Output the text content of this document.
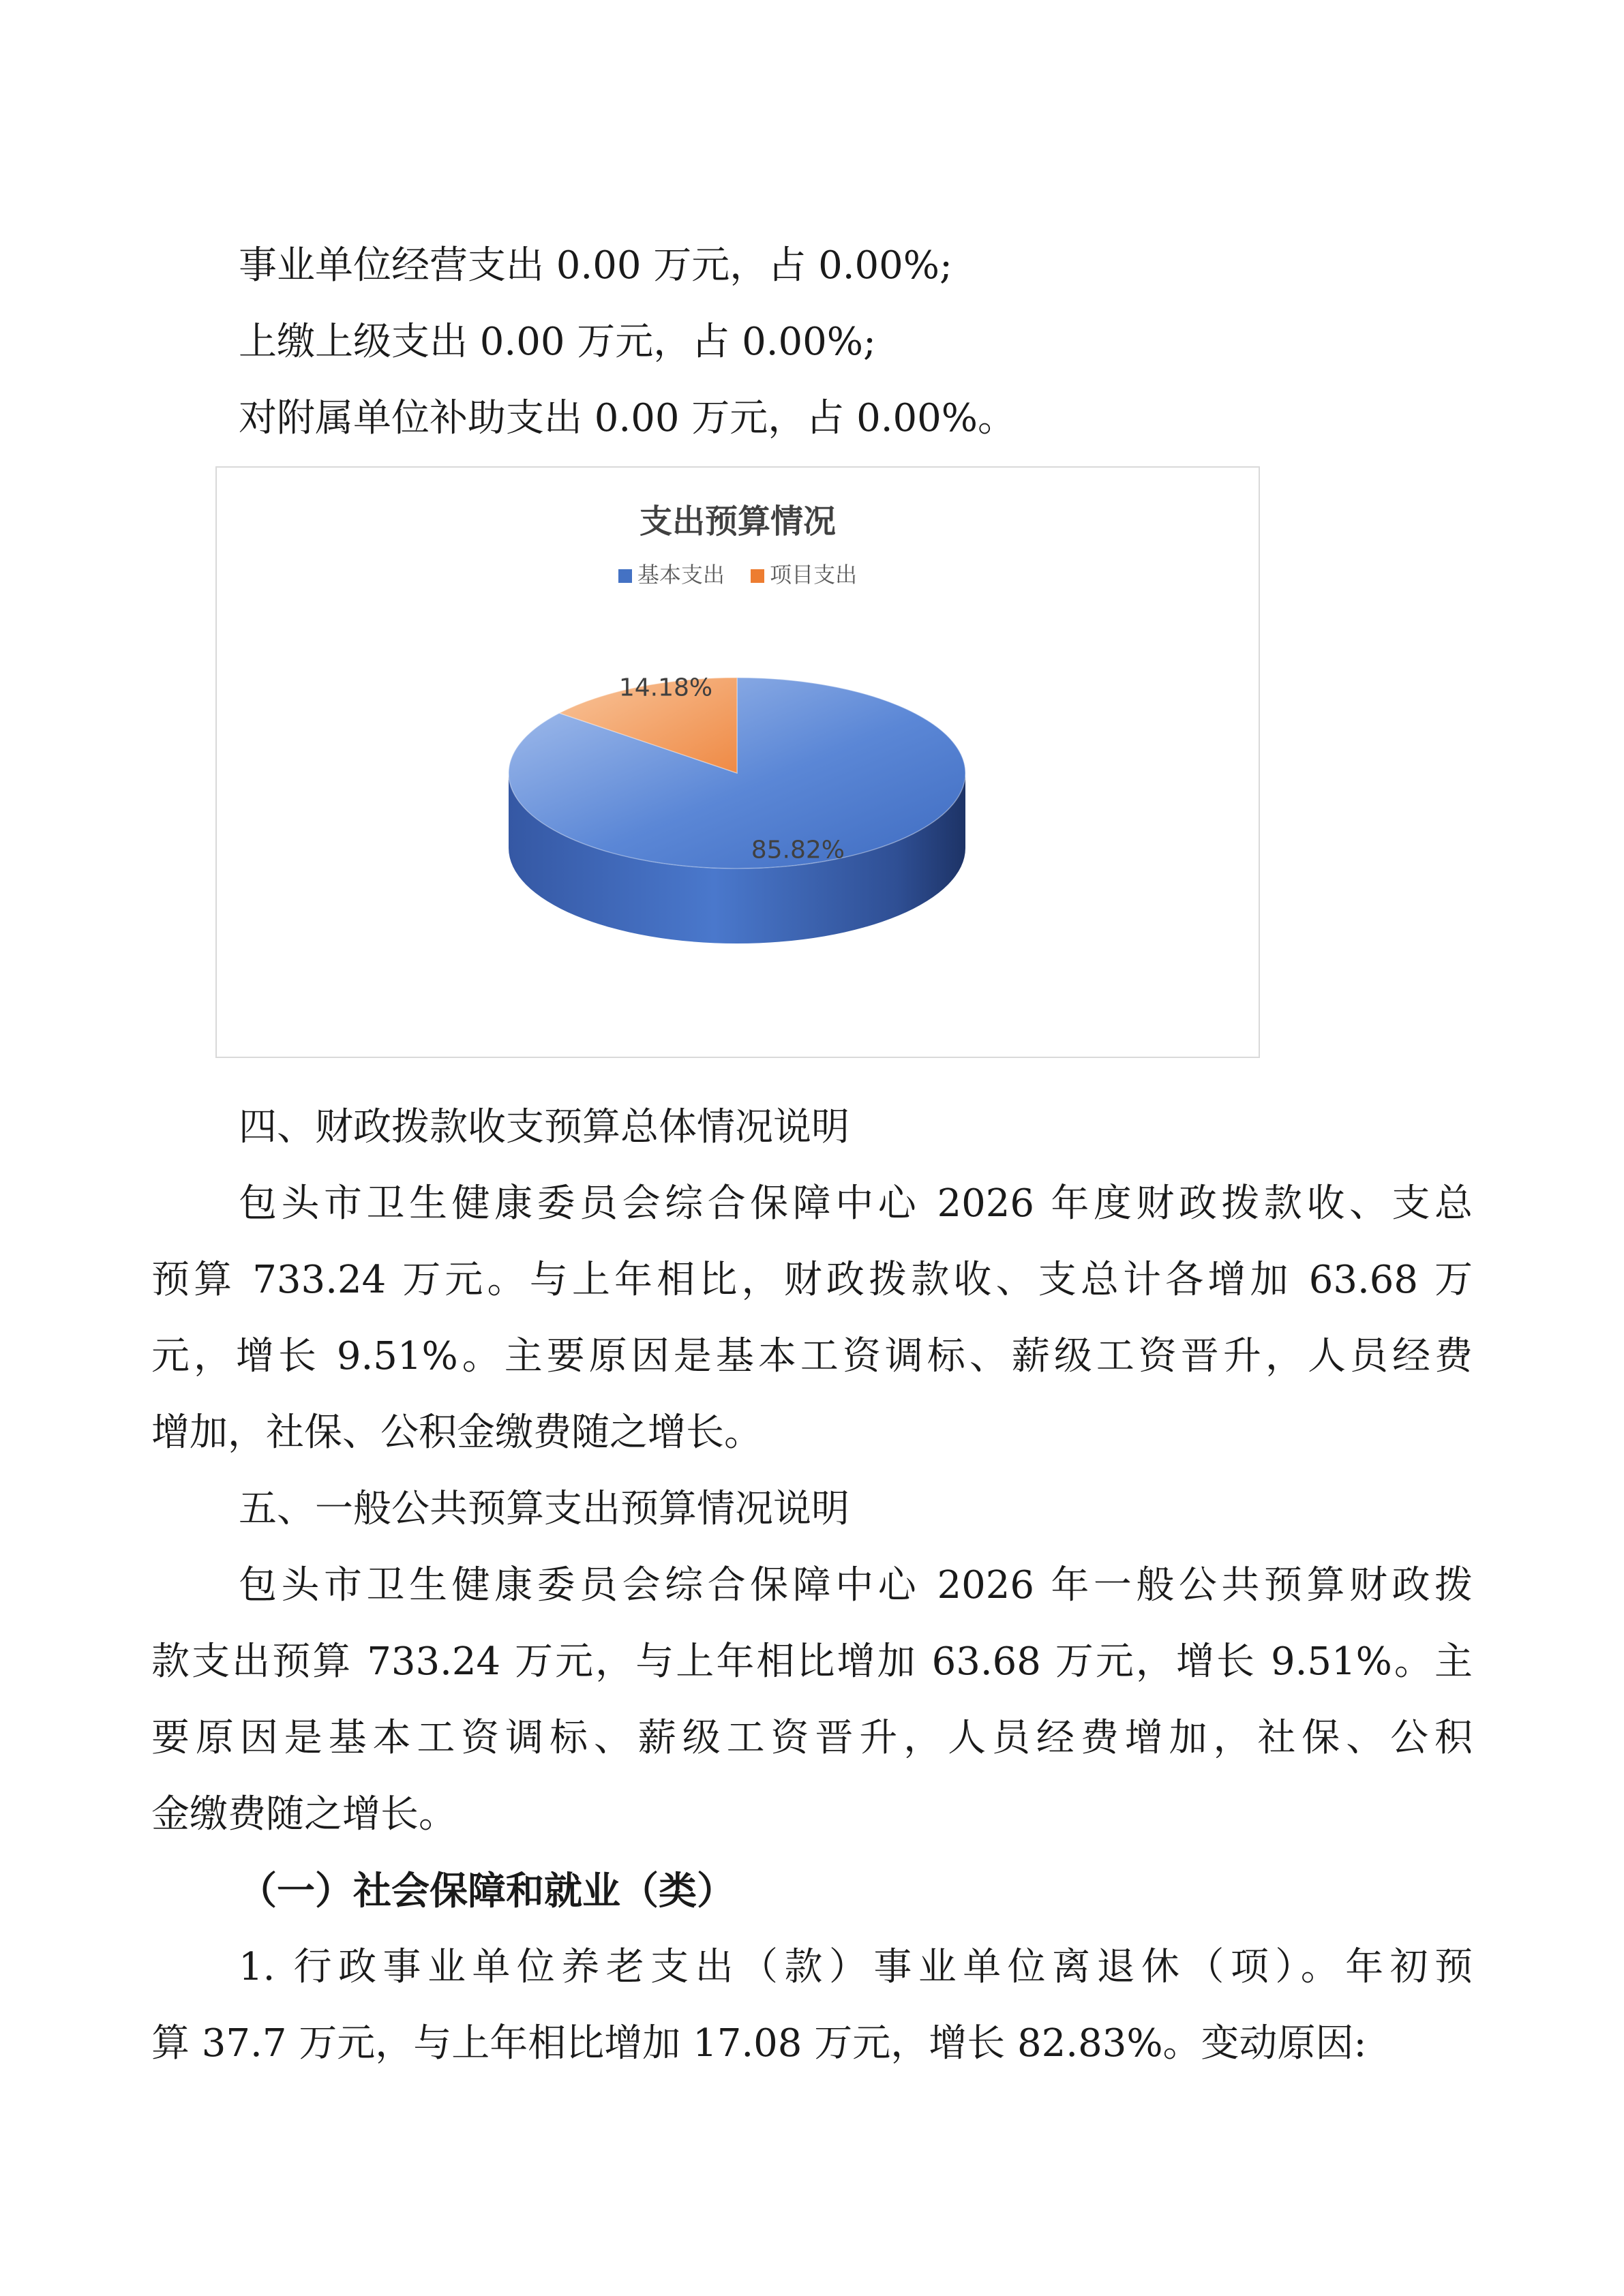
事业单位经营支出 0.00 万元，占 0.00%;
上缴上级支出 0.00 万元，占 0.00%;
对附属单位补助支出 0.00 万元，占 0.00%。
支出预算情况
基本支出 项目支出
85.82%
14.18%
四、财政拨款收支预算总体情况说明
包头市卫生健康委员会综合保障中心 2026 年度财政拨款收、支总
预算 733.24 万元。与上年相比，财政拨款收、支总计各增加 63.68 万
元，增长 9.51%。主要原因是基本工资调标、薪级工资晋升，人员经费
增加，社保、公积金缴费随之增长。
五、一般公共预算支出预算情况说明
包头市卫生健康委员会综合保障中心 2026 年一般公共预算财政拨
款支出预算 733.24 万元，与上年相比增加 63.68 万元，增长 9.51%。主
要原因是基本工资调标、薪级工资晋升，人员经费增加，社保、公积
金缴费随之增长。
（一）社会保障和就业（类）
1. 行政事业单位养老支出（款）事业单位离退休（项）。年初预
算 37.7 万元，与上年相比增加 17.08 万元，增长 82.83%。变动原因:
